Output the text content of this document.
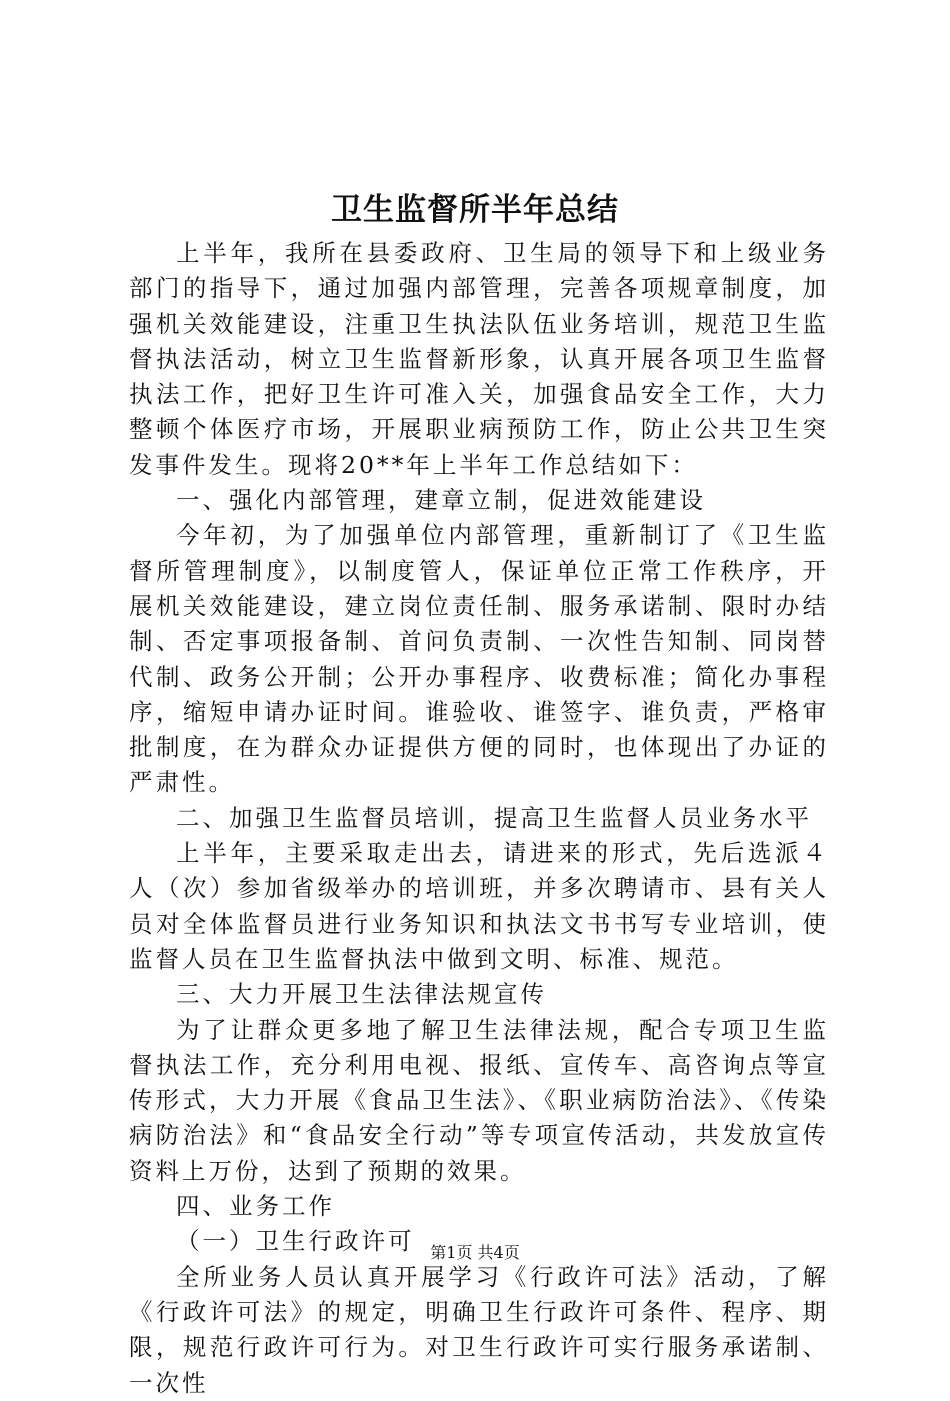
卫生监督所半年总结

上半年，我所在县委政府、卫生局的领导下和上级业务部门的指导下，通过加强内部管理，完善各项规章制度，加强机关效能建设，注重卫生执法队伍业务培训，规范卫生监督执法活动，树立卫生监督新形象，认真开展各项卫生监督执法工作，把好卫生许可准入关，加强食品安全工作，大力整顿个体医疗市场，开展职业病预防工作，防止公共卫生突发事件发生。现将20**年上半年工作总结如下：

一、强化内部管理，建章立制，促进效能建设

今年初，为了加强单位内部管理，重新制订了《卫生监督所管理制度》，以制度管人，保证单位正常工作秩序，开展机关效能建设，建立岗位责任制、服务承诺制、限时办结制、否定事项报备制、首问负责制、一次性告知制、同岗替代制、政务公开制；公开办事程序、收费标准；简化办事程序，缩短申请办证时间。谁验收、谁签字、谁负责，严格审批制度，在为群众办证提供方便的同时，也体现出了办证的严肃性。

二、加强卫生监督员培训，提高卫生监督人员业务水平

上半年，主要采取走出去，请进来的形式，先后选派４人（次）参加省级举办的培训班，并多次聘请市、县有关人员对全体监督员进行业务知识和执法文书书写专业培训，使监督人员在卫生监督执法中做到文明、标准、规范。

三、大力开展卫生法律法规宣传

为了让群众更多地了解卫生法律法规，配合专项卫生监督执法工作，充分利用电视、报纸、宣传车、高咨询点等宣传形式，大力开展《食品卫生法》、《职业病防治法》、《传染病防治法》和“食品安全行动”等专项宣传活动，共发放宣传资料上万份，达到了预期的效果。

四、业务工作

（一）卫生行政许可

全所业务人员认真开展学习《行政许可法》活动，了解《行政许可法》的规定，明确卫生行政许可条件、程序、期限，规范行政许可行为。对卫生行政许可实行服务承诺制、一次性

第1页 共4页
